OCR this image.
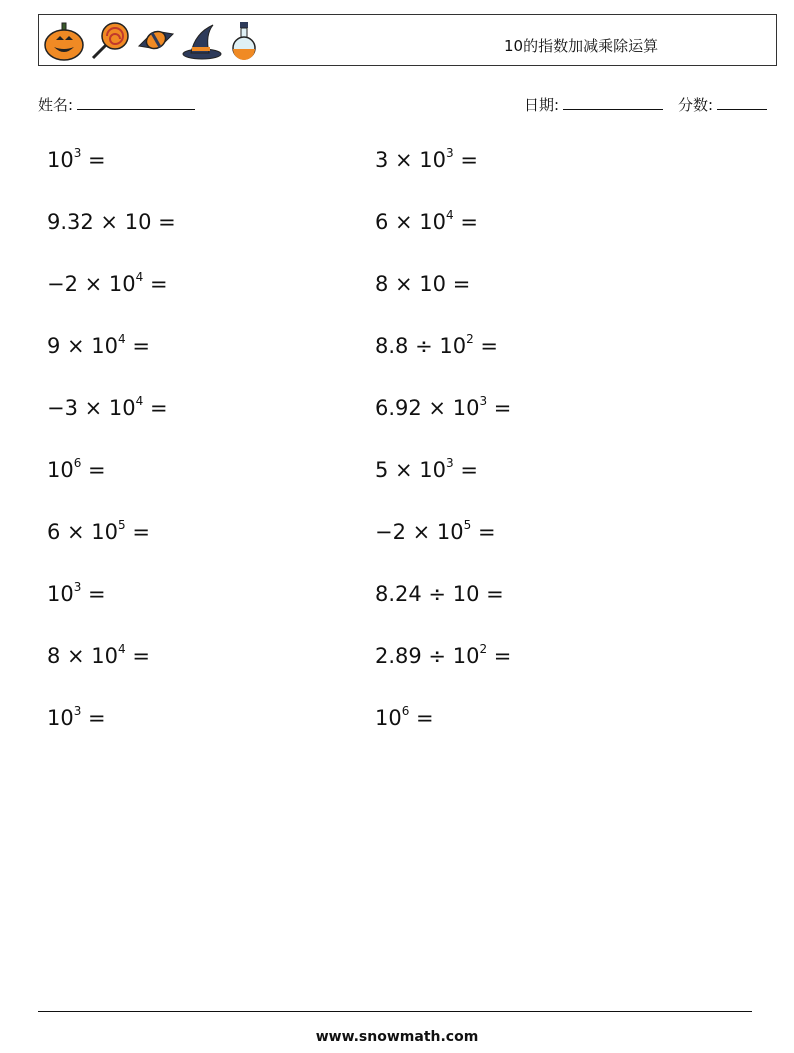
10的指数加减乘除运算
姓名:	日期:	分数:
$10^3$ =
9.32 × 10 =
$-2 \times 10^4$ =
$9 \times 10^4$ =
$-3 \times 10^4$ =
$10^6$ =
$6 \times 10^5$ =
$10^3$ =
$8 \times 10^4$ =
$10^3$ =
$3 \times 10^3$ =
$6 \times 10^4$ =
8 × 10 =
$8.8 \div 10^2$ =
$6.92 \times 10^3$ =
$5 \times 10^3$ =
$-2 \times 10^5$ =
8.24 ÷ 10 =
$2.89 \div 10^2$ =
$10^6$ =
www.snowmath.com
